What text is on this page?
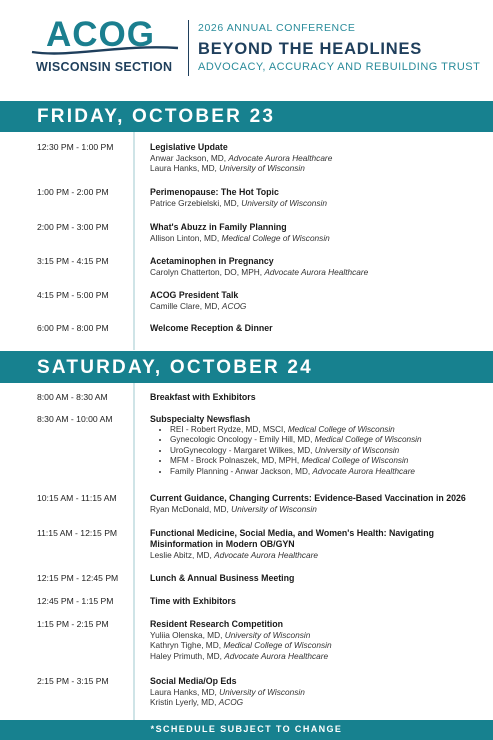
ACOG
WISCONSIN SECTION
2026 ANNUAL CONFERENCE
BEYOND THE HEADLINES
ADVOCACY, ACCURACY AND REBUILDING TRUST
FRIDAY, OCTOBER 23
12:30 PM - 1:00 PM	Legislative Update
Anwar Jackson, MD, Advocate Aurora Healthcare
Laura Hanks, MD, University of Wisconsin
1:00 PM - 2:00 PM	Perimenopause: The Hot Topic
Patrice Grzebielski, MD, University of Wisconsin
2:00 PM - 3:00 PM	What's Abuzz in Family Planning
Allison Linton, MD, Medical College of Wisconsin
3:15 PM - 4:15 PM	Acetaminophen in Pregnancy
Carolyn Chatterton, DO, MPH, Advocate Aurora Healthcare
4:15 PM - 5:00 PM	ACOG President Talk
Camille Clare, MD, ACOG
6:00 PM - 8:00 PM	Welcome Reception & Dinner
SATURDAY, OCTOBER 24
8:00 AM - 8:30 AM	Breakfast with Exhibitors
8:30 AM - 10:00 AM	Subspecialty Newsflash
• REI - Robert Rydze, MD, MSCI, Medical College of Wisconsin
• Gynecologic Oncology - Emily Hill, MD, Medical College of Wisconsin
• UroGynecology - Margaret Wilkes, MD, University of Wisconsin
• MFM - Brock Polnaszek, MD, MPH, Medical College of Wisconsin
• Family Planning - Anwar Jackson, MD, Advocate Aurora Healthcare
10:15 AM - 11:15 AM	Current Guidance, Changing Currents: Evidence-Based Vaccination in 2026
Ryan McDonald, MD, University of Wisconsin
11:15 AM - 12:15 PM	Functional Medicine, Social Media, and Women's Health: Navigating Misinformation in Modern OB/GYN
Leslie Abitz, MD, Advocate Aurora Healthcare
12:15 PM - 12:45 PM	Lunch & Annual Business Meeting
12:45 PM - 1:15 PM	Time with Exhibitors
1:15 PM - 2:15 PM	Resident Research Competition
Yuliia Olenska, MD, University of Wisconsin
Kathryn Tighe, MD, Medical College of Wisconsin
Haley Primuth, MD, Advocate Aurora Healthcare
2:15 PM - 3:15 PM	Social Media/Op Eds
Laura Hanks, MD, University of Wisconsin
Kristin Lyerly, MD, ACOG
*SCHEDULE SUBJECT TO CHANGE
